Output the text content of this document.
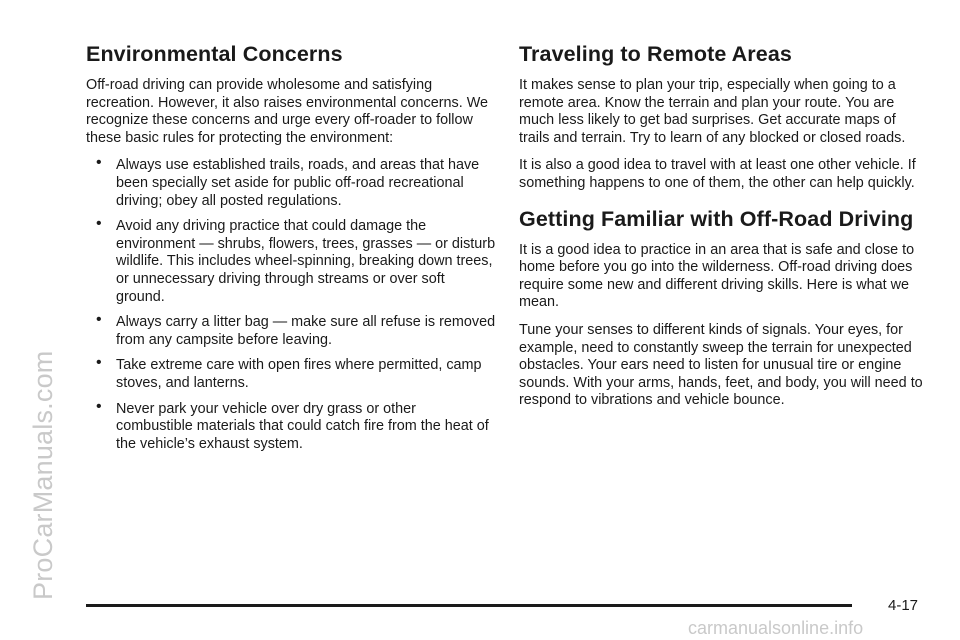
ProCarManuals.com
Environmental Concerns

Off-road driving can provide wholesome and satisfying recreation. However, it also raises environmental concerns. We recognize these concerns and urge every off-roader to follow these basic rules for protecting the environment:

• Always use established trails, roads, and areas that have been specially set aside for public off-road recreational driving; obey all posted regulations.
• Avoid any driving practice that could damage the environment — shrubs, flowers, trees, grasses — or disturb wildlife. This includes wheel-spinning, breaking down trees, or unnecessary driving through streams or over soft ground.
• Always carry a litter bag — make sure all refuse is removed from any campsite before leaving.
• Take extreme care with open fires where permitted, camp stoves, and lanterns.
• Never park your vehicle over dry grass or other combustible materials that could catch fire from the heat of the vehicle’s exhaust system.
Traveling to Remote Areas

It makes sense to plan your trip, especially when going to a remote area. Know the terrain and plan your route. You are much less likely to get bad surprises. Get accurate maps of trails and terrain. Try to learn of any blocked or closed roads.

It is also a good idea to travel with at least one other vehicle. If something happens to one of them, the other can help quickly.

Getting Familiar with Off-Road Driving

It is a good idea to practice in an area that is safe and close to home before you go into the wilderness. Off-road driving does require some new and different driving skills. Here is what we mean.

Tune your senses to different kinds of signals. Your eyes, for example, need to constantly sweep the terrain for unexpected obstacles. Your ears need to listen for unusual tire or engine sounds. With your arms, hands, feet, and body, you will need to respond to vibrations and vehicle bounce.

4-17
carmanualsonline.info
